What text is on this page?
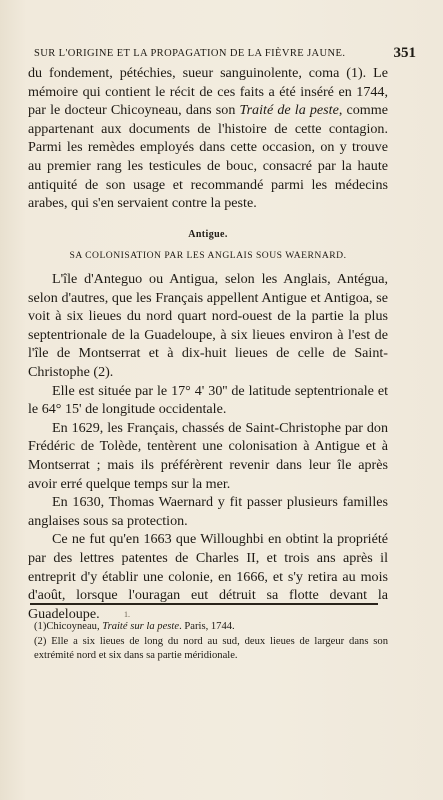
SUR L'ORIGINE ET LA PROPAGATION DE LA FIÈVRE JAUNE.	351

du fondement, pétéchies, sueur sanguinolente, coma (1). Le mémoire qui contient le récit de ces faits a été inséré en 1744, par le docteur Chicoyneau, dans son Traité de la peste, comme appartenant aux documents de l'histoire de cette contagion. Parmi les remèdes employés dans cette occasion, on y trouve au premier rang les testicules de bouc, consacré par la haute antiquité de son usage et recommandé parmi les médecins arabes, qui s'en servaient contre la peste.

Antigue.
SA COLONISATION PAR LES ANGLAIS SOUS WAERNARD.

L'île d'Anteguo ou Antigua, selon les Anglais, Antégua, selon d'autres, que les Français appellent Antigue et Antigoa, se voit à six lieues du nord quart nord-ouest de la partie la plus septentrionale de la Guadeloupe, à six lieues environ à l'est de l'île de Montserrat et à dix-huit lieues de celle de Saint-Christophe (2).

Elle est située par le 17° 4' 30'' de latitude septentrionale et le 64° 15' de longitude occidentale.

En 1629, les Français, chassés de Saint-Christophe par don Frédéric de Tolède, tentèrent une colonisation à Antigue et à Montserrat ; mais ils préférèrent revenir dans leur île après avoir erré quelque temps sur la mer.

En 1630, Thomas Waernard y fit passer plusieurs familles anglaises sous sa protection.

Ce ne fut qu'en 1663 que Willoughbi en obtint la propriété par des lettres patentes de Charles II, et trois ans après il entreprit d'y établir une colonie, en 1666, et s'y retira au mois d'août, lorsque l'ouragan eut détruit sa flotte devant la Guadeloupe.	1.

(1)Chicoyneau, Traité sur la peste. Paris, 1744.

(2) Elle a six lieues de long du nord au sud, deux lieues de largeur dans son extrémité nord et six dans sa partie méridionale.
